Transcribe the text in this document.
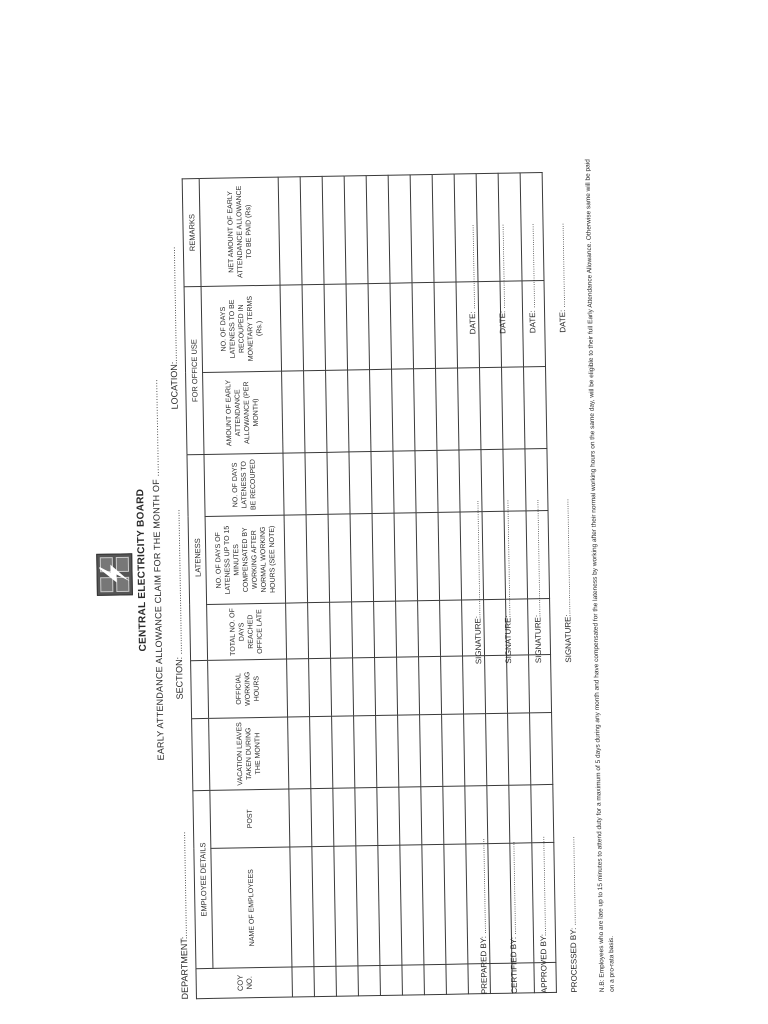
CENTRAL ELECTRICITY BOARD EARLY ATTENDANCE ALLOWANCE CLAIM FOR THE MONTH OF ....................................
DEPARTMENT:..........................................
SECTION: ..........................................................
LOCATION:..............................................
COY NO.	EMPLOYEE DETAILS				LATENESS			FOR OFFICE USE		REMARKS
	NAME OF EMPLOYEES	POST	VACATION LEAVES TAKEN DURING THE MONTH	OFFICIAL WORKING HOURS	TOTAL NO. OF DAYS REACHED OFFICE LATE	NO. OF DAYS OF LATENESS UP TO 15 MINUTES COMPENSATED BY WORKING AFTER NORMAL WORKING HOURS (SEE NOTE)	NO. OF DAYS LATENESS TO BE RECOUPED	AMOUNT OF EARLY ATTENDANCE ALLOWANCE (PER MONTH)	NO. OF DAYS LATENESS TO BE RECOUPED IN MONETARY TERMS (Rs.)	NET AMOUNT OF EARLY ATTENDANCE ALLOWANCE TO BE PAID (Rs)

PREPARED BY: ...........................................
SIGNATURE:....................................................
DATE: ......................................
CERTIFIED BY: ..........................................
SIGNATURE:....................................................
DATE: ......................................
APPROVED BY:............................................
SIGNATURE:....................................................
DATE: ......................................
PROCESSED BY: ........................................
SIGNATURE:....................................................
DATE: ......................................	N.B: Employees who are late up to 15 minutes to attend duty for a maximum of 5 days during any month and have compensated for the lateness by working after their normal working hours on the same day, will be eligible to their full Early Attendance Allowance. Otherwise same will be paid on a pro-rata basis.
